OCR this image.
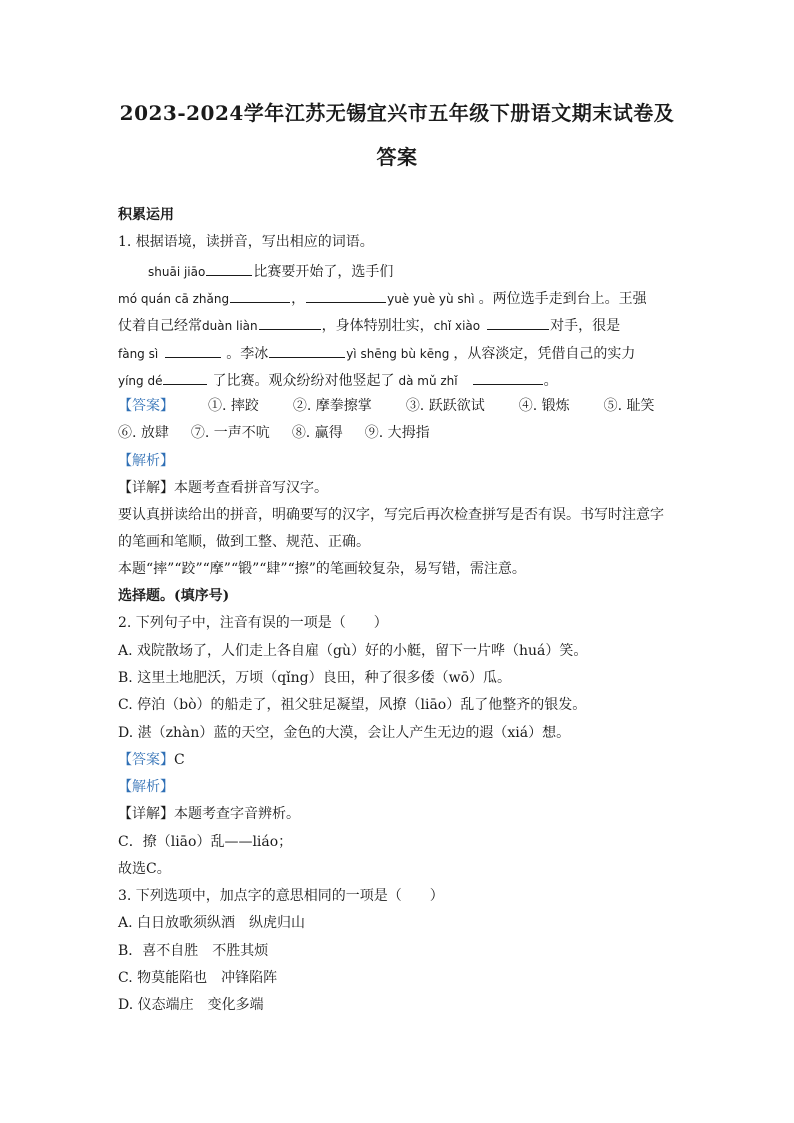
2023-2024学年江苏无锡宜兴市五年级下册语文期末试卷及
答案
积累运用
1. 根据语境，读拼音，写出相应的词语。
shuāi jiāo	比赛要开始了，选手们
mó quán cā zhǎng	，	yuè yuè yù shì 。两位选手走到台上。王强
仗着自己经常duàn liàn	，身体特别壮实，chǐ xiào	对手，很是
fàng sì	。李冰	yì shēng bù kēng ，从容淡定，凭借自己的实力
yíng dé	了比赛。观众纷纷对他竖起了 dà mǔ zhǐ	。
【答案】 ①. 摔跤 ②. 摩拳擦掌 ③. 跃跃欲试 ④. 锻炼 ⑤. 耻笑
⑥. 放肆 ⑦. 一声不吭 ⑧. 赢得 ⑨. 大拇指
【解析】
【详解】本题考查看拼音写汉字。
要认真拼读给出的拼音，明确要写的汉字，写完后再次检查拼写是否有误。书写时注意字
的笔画和笔顺，做到工整、规范、正确。
本题“摔”“跤”“摩”“锻”“肆”“擦”的笔画较复杂，易写错，需注意。
选择题。(填序号)
2. 下列句子中，注音有误的一项是（　　）
A. 戏院散场了，人们走上各自雇（gù）好的小艇，留下一片哗（huá）笑。
B. 这里土地肥沃，万顷（qǐng）良田，种了很多倭（wō）瓜。
C. 停泊（bò）的船走了，祖父驻足凝望，风撩（liāo）乱了他整齐的银发。
D. 湛（zhàn）蓝的天空，金色的大漠，会让人产生无边的遐（xiá）想。
【答案】C
【解析】
【详解】本题考查字音辨析。
C．撩（liāo）乱——liáo；
故选C。
3. 下列选项中，加点字的意思相同的一项是（　　）
A. 白日放歌须纵酒　纵虎归山
B．喜不自胜　不胜其烦
C. 物莫能陷也　冲锋陷阵
D. 仪态端庄　变化多端
